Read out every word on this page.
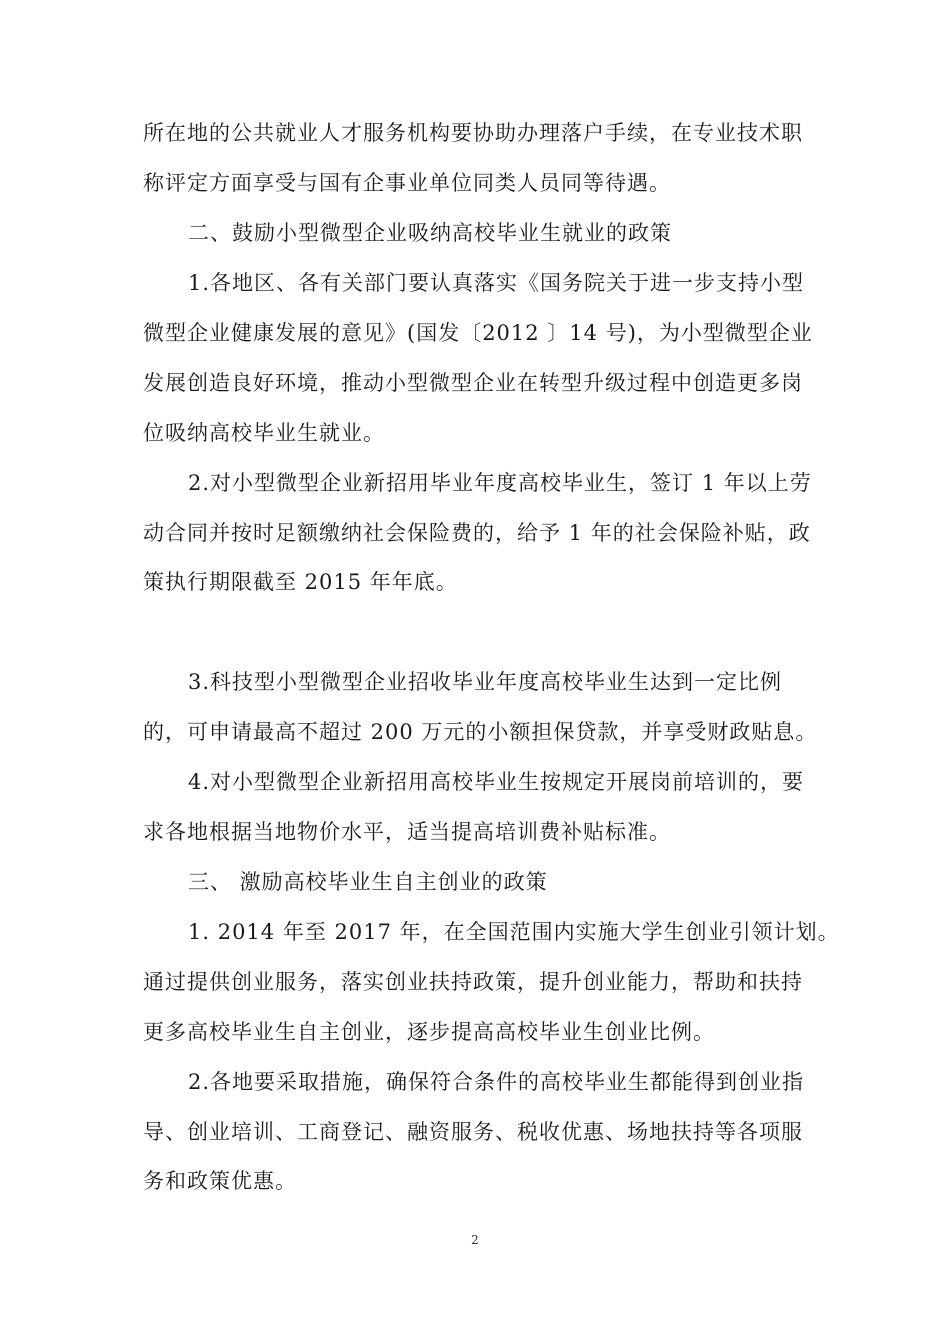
所在地的公共就业人才服务机构要协助办理落户手续，在专业技术职
称评定方面享受与国有企事业单位同类人员同等待遇。
二、鼓励小型微型企业吸纳高校毕业生就业的政策
1.各地区、各有关部门要认真落实《国务院关于进一步支持小型
微型企业健康发展的意见》(国发〔2012 〕14 号)，为小型微型企业
发展创造良好环境，推动小型微型企业在转型升级过程中创造更多岗
位吸纳高校毕业生就业。
2.对小型微型企业新招用毕业年度高校毕业生，签订 1 年以上劳
动合同并按时足额缴纳社会保险费的，给予 1 年的社会保险补贴，政
策执行期限截至 2015 年年底。
3.科技型小型微型企业招收毕业年度高校毕业生达到一定比例
的，可申请最高不超过 200 万元的小额担保贷款，并享受财政贴息。
4.对小型微型企业新招用高校毕业生按规定开展岗前培训的，要
求各地根据当地物价水平，适当提高培训费补贴标准。
三、 激励高校毕业生自主创业的政策
1. 2014 年至 2017 年，在全国范围内实施大学生创业引领计划。
通过提供创业服务，落实创业扶持政策，提升创业能力，帮助和扶持
更多高校毕业生自主创业，逐步提高高校毕业生创业比例。
2.各地要采取措施，确保符合条件的高校毕业生都能得到创业指
导、创业培训、工商登记、融资服务、税收优惠、场地扶持等各项服
务和政策优惠。
2
